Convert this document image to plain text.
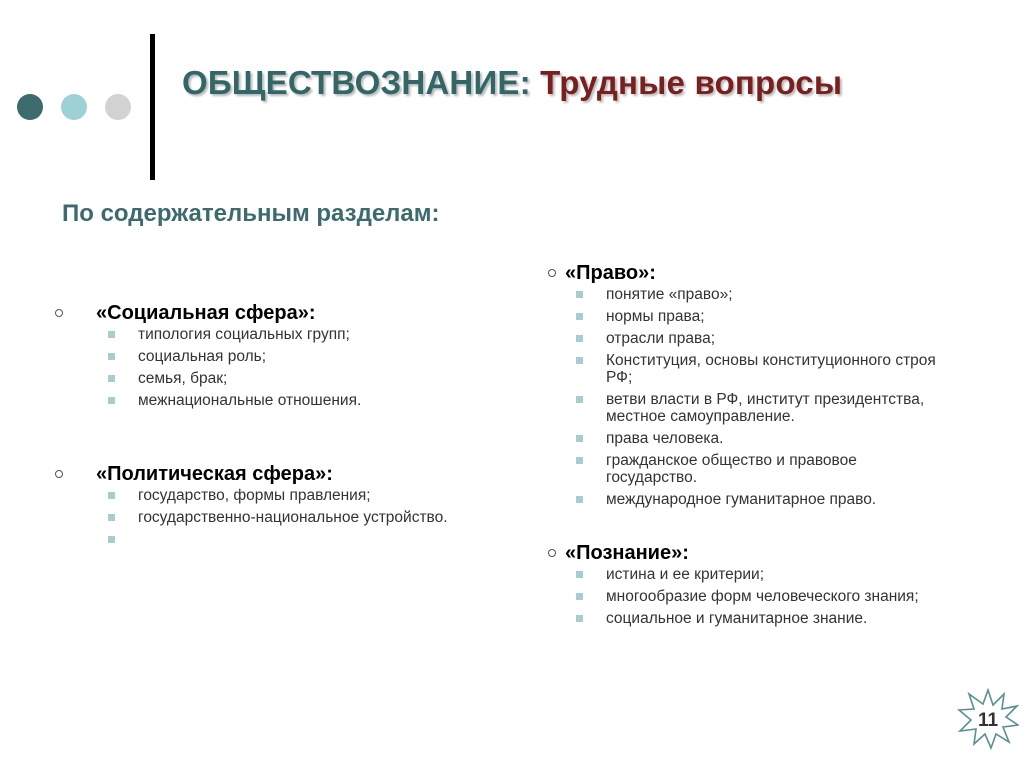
ОБЩЕСТВОЗНАНИЕ: Трудные вопросы
По содержательным разделам:
«Социальная сфера»:
типология социальных групп;
социальная роль;
семья, брак;
межнациональные отношения.
«Политическая сфера»:
государство, формы правления;
государственно-национальное устройство.
«Право»:
понятие «право»;
нормы права;
отрасли права;
Конституция, основы конституционного строя РФ;
ветви власти в РФ, институт президентства, местное самоуправление.
права человека.
гражданское общество и правовое государство.
международное гуманитарное право.
«Познание»:
истина и ее критерии;
многообразие форм человеческого знания;
социальное и гуманитарное знание.
11
